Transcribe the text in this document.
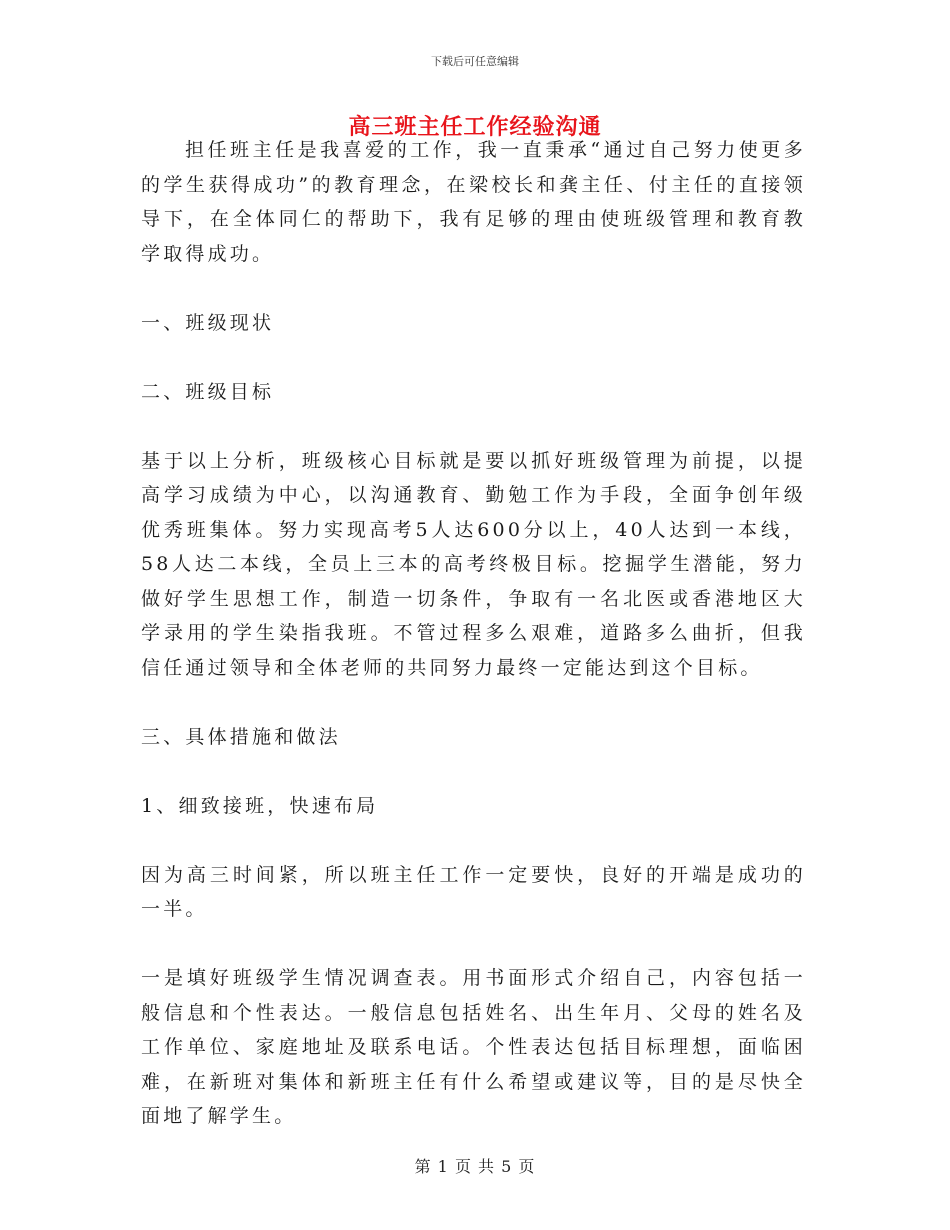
下载后可任意编辑
高三班主任工作经验沟通

担任班主任是我喜爱的工作，我一直秉承“通过自己努力使更多的学生获得成功”的教育理念，在梁校长和龚主任、付主任的直接领导下，在全体同仁的帮助下，我有足够的理由使班级管理和教育教学取得成功。

一、班级现状

二、班级目标

基于以上分析，班级核心目标就是要以抓好班级管理为前提，以提高学习成绩为中心，以沟通教育、勤勉工作为手段，全面争创年级优秀班集体。努力实现高考5人达600分以上，40人达到一本线，58人达二本线，全员上三本的高考终极目标。挖掘学生潜能，努力做好学生思想工作，制造一切条件，争取有一名北医或香港地区大学录用的学生染指我班。不管过程多么艰难，道路多么曲折，但我信任通过领导和全体老师的共同努力最终一定能达到这个目标。

三、具体措施和做法

1、细致接班，快速布局

因为高三时间紧，所以班主任工作一定要快，良好的开端是成功的一半。

一是填好班级学生情况调查表。用书面形式介绍自己，内容包括一般信息和个性表达。一般信息包括姓名、出生年月、父母的姓名及工作单位、家庭地址及联系电话。个性表达包括目标理想，面临困难，在新班对集体和新班主任有什么希望或建议等，目的是尽快全面地了解学生。

第 1 页 共 5 页
